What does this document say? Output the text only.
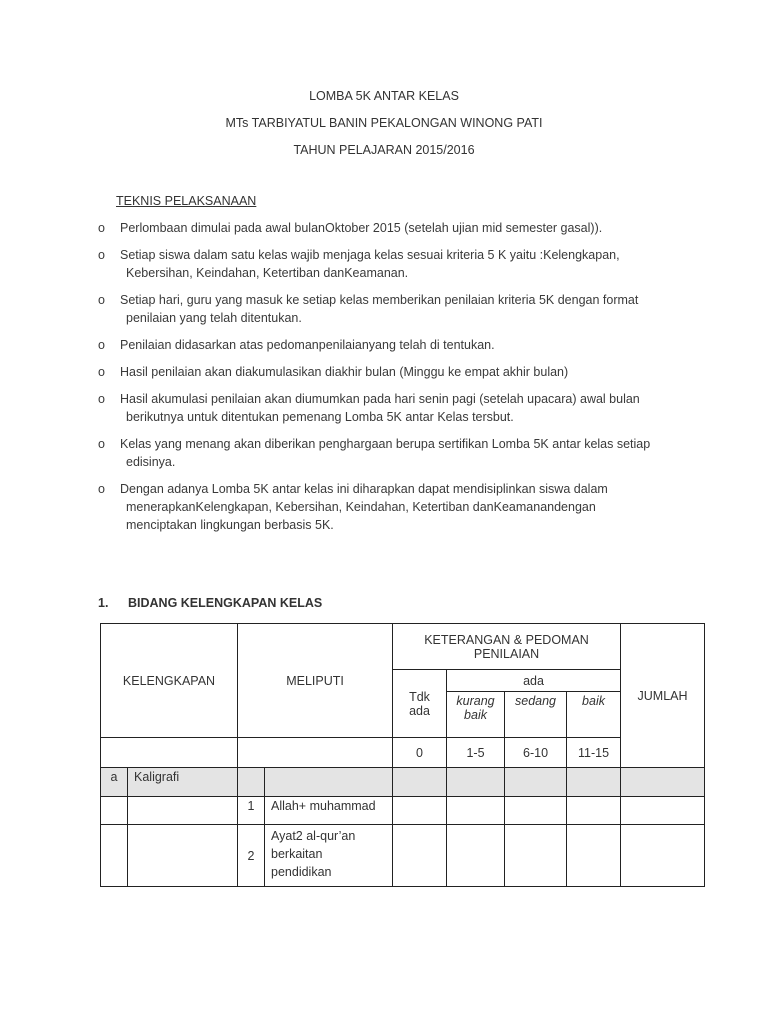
LOMBA 5K ANTAR KELAS
MTs TARBIYATUL BANIN PEKALONGAN WINONG PATI
TAHUN PELAJARAN 2015/2016
TEKNIS PELAKSANAAN
o	Perlombaan dimulai pada awal bulanOktober 2015 (setelah ujian mid semester gasal)).
o	Setiap siswa dalam satu kelas wajib menjaga kelas sesuai kriteria 5 K yaitu :Kelengkapan, Kebersihan, Keindahan, Ketertiban danKeamanan.
o	Setiap hari, guru yang masuk ke setiap kelas memberikan penilaian kriteria 5K dengan format penilaian yang telah ditentukan.
o	Penilaian didasarkan atas pedomanpenilaianyang telah di tentukan.
o	Hasil penilaian akan diakumulasikan diakhir bulan (Minggu ke empat akhir bulan)
o	Hasil akumulasi penilaian akan diumumkan pada hari senin pagi (setelah upacara) awal bulan berikutnya untuk ditentukan pemenang Lomba 5K antar Kelas tersbut.
o	Kelas yang menang akan diberikan penghargaan berupa sertifikan Lomba 5K antar kelas setiap edisinya.
o	Dengan adanya Lomba 5K antar kelas ini diharapkan dapat mendisiplinkan siswa dalam menerapkanKelengkapan, Kebersihan, Keindahan, Ketertiban danKeamanandengan menciptakan lingkungan berbasis 5K.
1. BIDANG KELENGKAPAN KELAS
KELENGKAPAN		MELIPUTI		KETERANGAN & PEDOMAN PENILAIAN				JUMLAH
				Tdk ada	ada			
					kurang baik	sedang	baik	
				0	1-5	6-10	11-15	
a	Kaligrafi							
		1	Allah+ muhammad					
		2	Ayat2 al-qur’an berkaitan pendidikan					
